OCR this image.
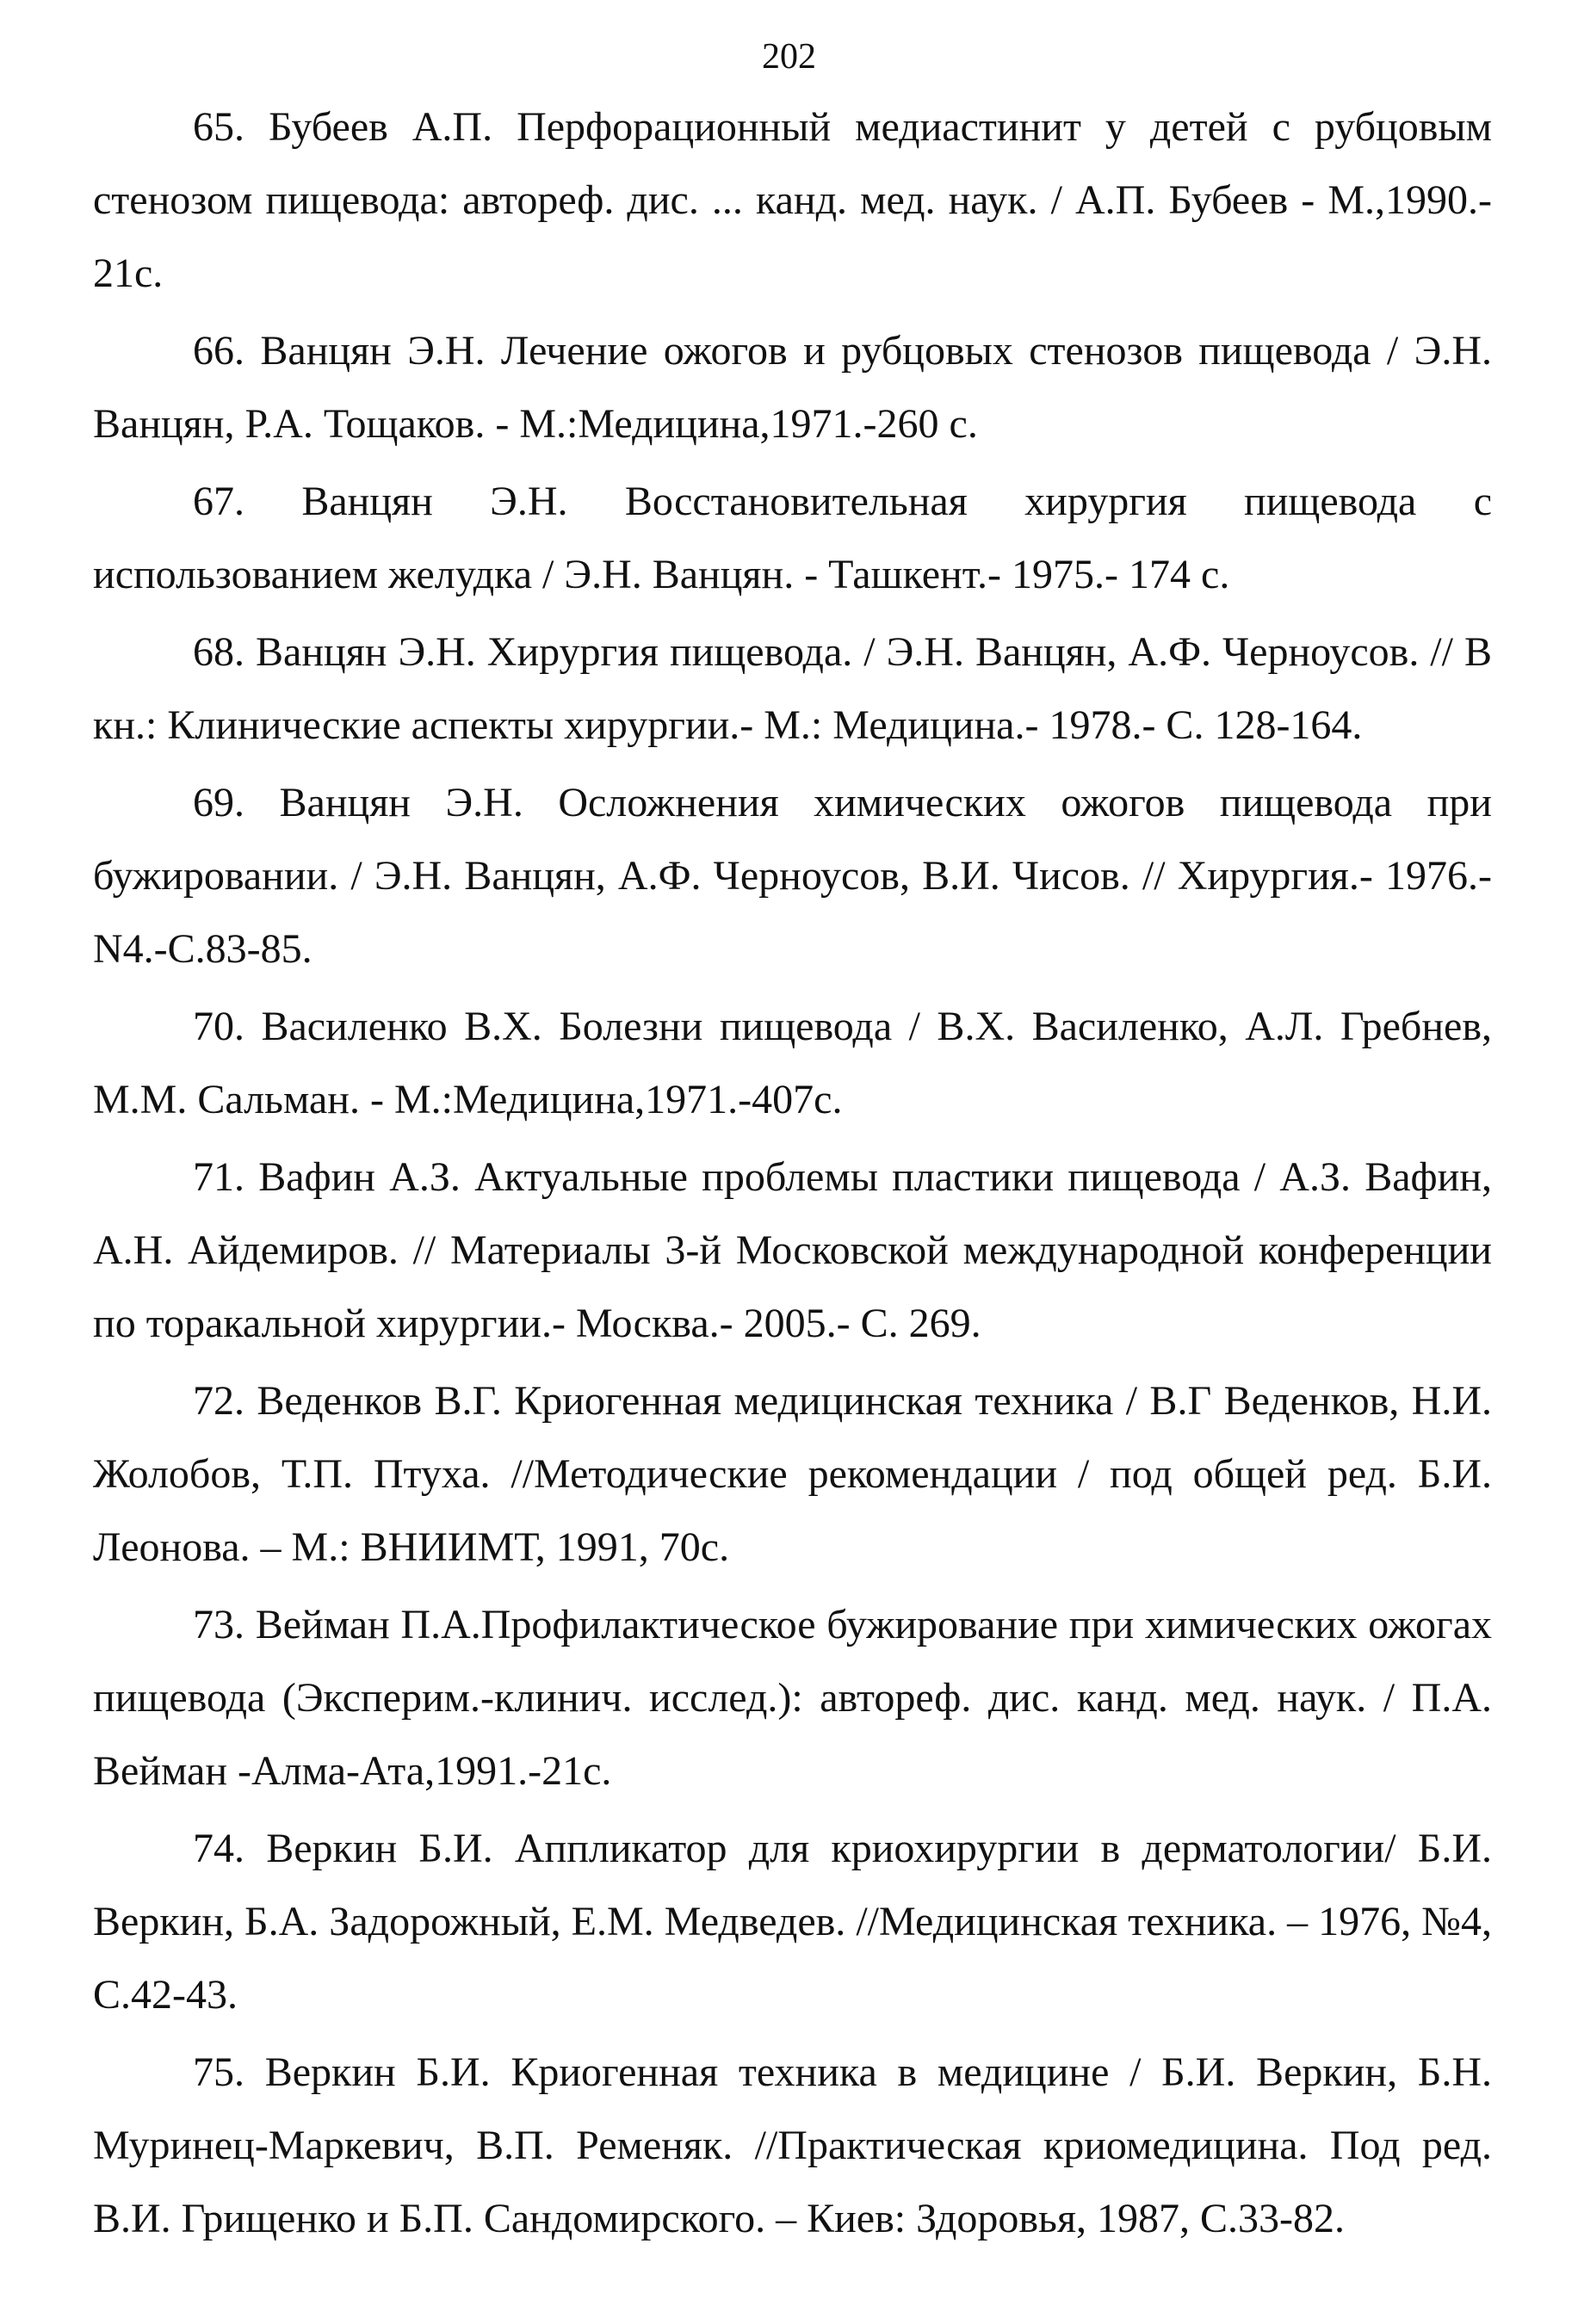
202
65. Бубеев А.П. Перфорационный медиастинит у детей с рубцовым стенозом пищевода: автореф. дис. ... канд. мед. наук. / А.П. Бубеев - М.,1990.- 21с.
66. Ванцян Э.Н. Лечение ожогов и рубцовых стенозов пищевода / Э.Н. Ванцян, Р.А. Тощаков. - М.:Медицина,1971.-260 с.
67. Ванцян Э.Н. Восстановительная хирургия пищевода с использованием желудка / Э.Н. Ванцян. - Ташкент.- 1975.- 174 с.
68. Ванцян Э.Н. Хирургия пищевода. / Э.Н. Ванцян, А.Ф. Черноусов. // В кн.: Клинические аспекты хирургии.- М.: Медицина.- 1978.- С. 128-164.
69. Ванцян Э.Н. Осложнения химических ожогов пищевода при бужировании. / Э.Н. Ванцян, А.Ф. Черноусов, В.И. Чисов. // Хирургия.- 1976.-N4.-С.83-85.
70. Василенко В.Х. Болезни пищевода / В.Х. Василенко, А.Л. Гребнев, М.М. Сальман. - М.:Медицина,1971.-407с.
71. Вафин А.З. Актуальные проблемы пластики пищевода / А.З. Вафин, А.Н. Айдемиров. // Материалы 3-й Московской международной конференции по торакальной хирургии.- Москва.- 2005.- С. 269.
72. Веденков В.Г. Криогенная медицинская техника / В.Г Веденков, Н.И. Жолобов, Т.П. Птуха. //Методические рекомендации / под общей ред. Б.И. Леонова. – М.: ВНИИМТ, 1991, 70с.
73. Вейман П.А.Профилактическое бужирование при химических ожогах пищевода (Эксперим.-клинич. исслед.): автореф. дис. канд. мед. наук. / П.А. Вейман -Алма-Ата,1991.-21с.
74. Веркин Б.И. Аппликатор для криохирургии в дерматологии/ Б.И. Веркин, Б.А. Задорожный, Е.М. Медведев. //Медицинская техника. – 1976, №4, С.42-43.
75. Веркин Б.И. Криогенная техника в медицине / Б.И. Веркин, Б.Н. Муринец-Маркевич, В.П. Ременяк. //Практическая криомедицина. Под ред. В.И. Грищенко и Б.П. Сандомирского. – Киев: Здоровья, 1987, С.33-82.
